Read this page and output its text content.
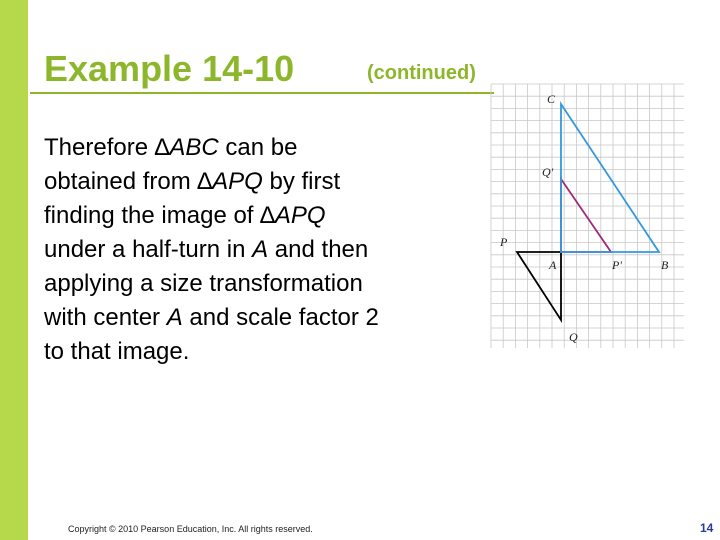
Example 14-10	(continued)

Therefore ∆ABC can be

obtained from ∆APQ by first

finding the image of ∆APQ

under a half-turn in A and then

applying a size transformation

with center A and scale factor 2

to that image.

C
Q'
P
A	P'	B
Q
Copyright © 2010 Pearson Education, Inc. All rights reserved.	14
